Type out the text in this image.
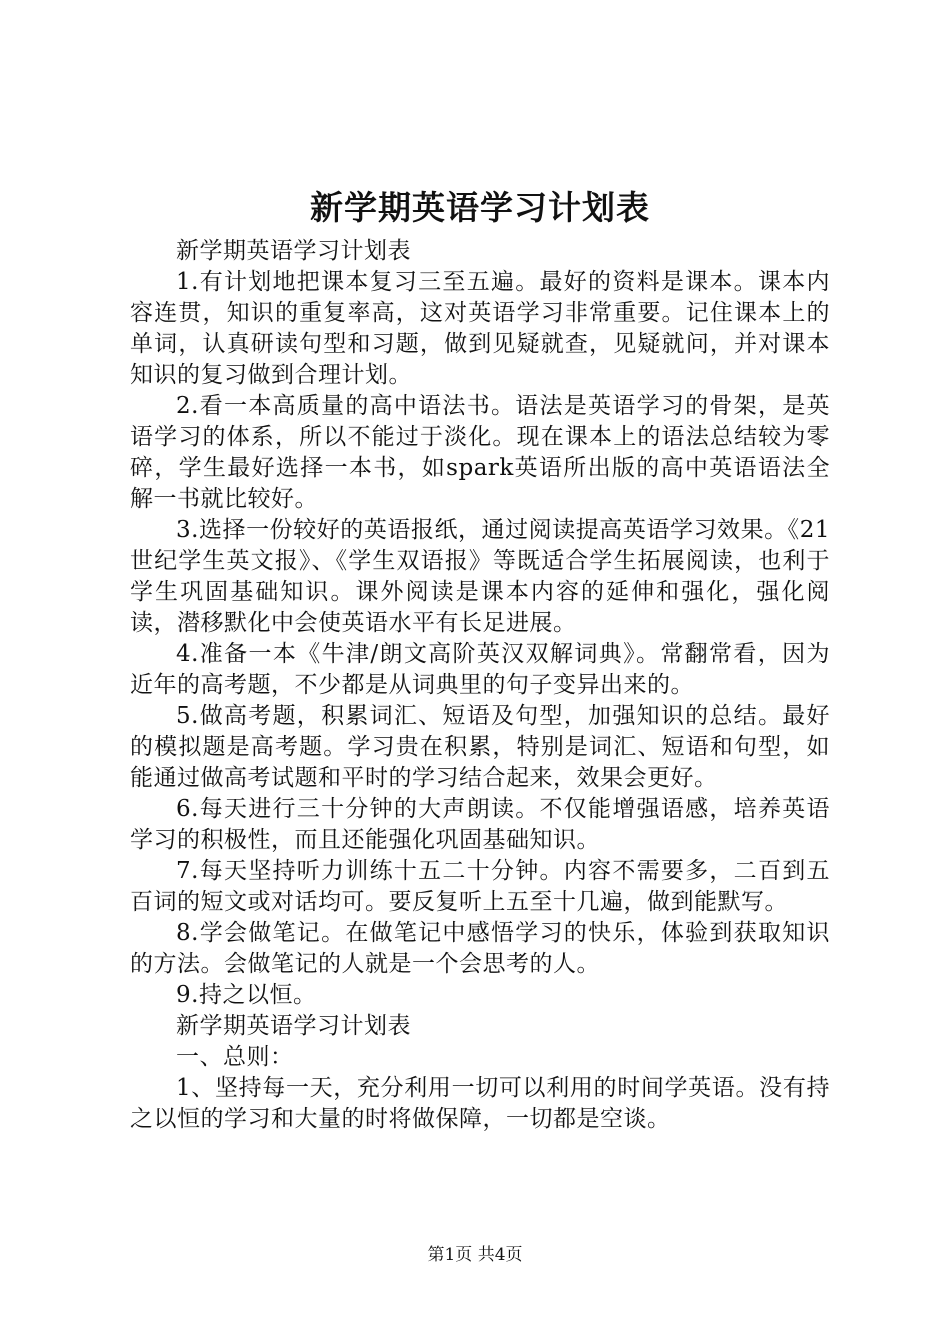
新学期英语学习计划表

新学期英语学习计划表

1.有计划地把课本复习三至五遍。最好的资料是课本。课本内容连贯，知识的重复率高，这对英语学习非常重要。记住课本上的单词，认真研读句型和习题，做到见疑就查，见疑就问，并对课本知识的复习做到合理计划。

2.看一本高质量的高中语法书。语法是英语学习的骨架，是英语学习的体系，所以不能过于淡化。现在课本上的语法总结较为零碎，学生最好选择一本书，如spark英语所出版的高中英语语法全解一书就比较好。

3.选择一份较好的英语报纸，通过阅读提高英语学习效果。《21世纪学生英文报》、《学生双语报》等既适合学生拓展阅读，也利于学生巩固基础知识。课外阅读是课本内容的延伸和强化，强化阅读，潜移默化中会使英语水平有长足进展。

4.准备一本《牛津/朗文高阶英汉双解词典》。常翻常看，因为近年的高考题，不少都是从词典里的句子变异出来的。

5.做高考题，积累词汇、短语及句型，加强知识的总结。最好的模拟题是高考题。学习贵在积累，特别是词汇、短语和句型，如能通过做高考试题和平时的学习结合起来，效果会更好。

6.每天进行三十分钟的大声朗读。不仅能增强语感，培养英语学习的积极性，而且还能强化巩固基础知识。

7.每天坚持听力训练十五二十分钟。内容不需要多，二百到五百词的短文或对话均可。要反复听上五至十几遍，做到能默写。

8.学会做笔记。在做笔记中感悟学习的快乐，体验到获取知识的方法。会做笔记的人就是一个会思考的人。

9.持之以恒。

新学期英语学习计划表

一、总则：

1、坚持每一天，充分利用一切可以利用的时间学英语。没有持之以恒的学习和大量的时将做保障，一切都是空谈。

第1页 共4页
